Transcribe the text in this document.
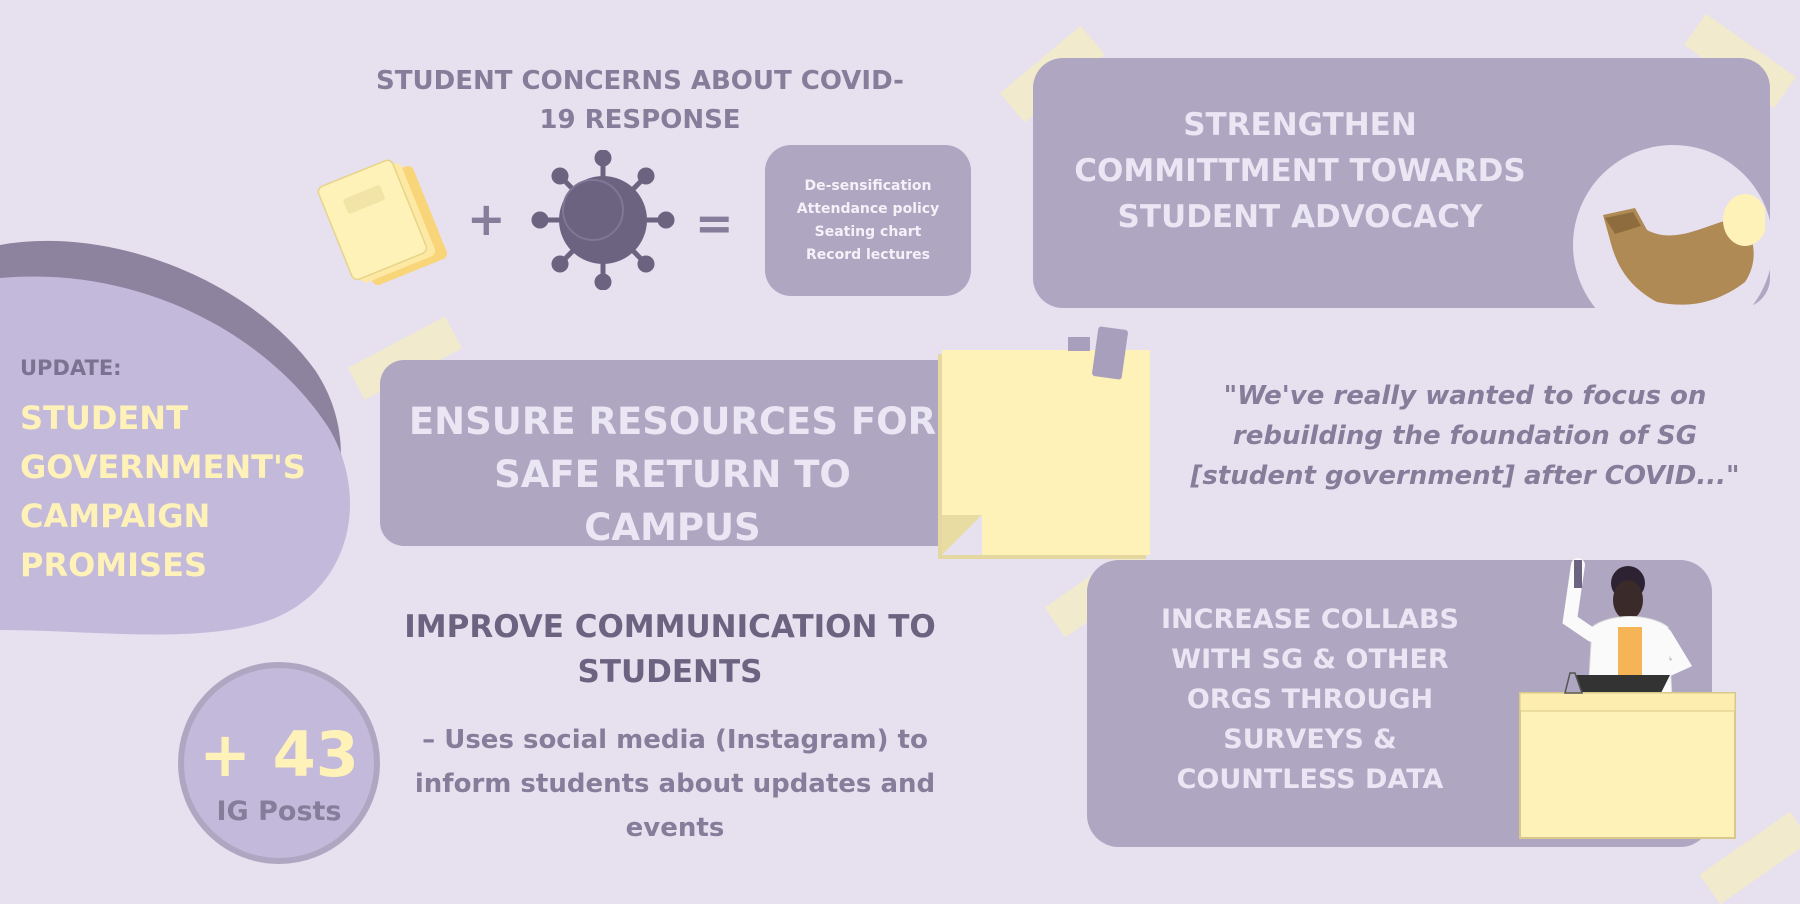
UPDATE:
STUDENT
GOVERNMENT'S
CAMPAIGN
PROMISES
STUDENT CONCERNS ABOUT COVID-19 RESPONSE
+	=
De-sensification
Attendance policy
Seating chart
Record lectures
STRENGTHEN COMMITTMENT TOWARDS STUDENT ADVOCACY
ENSURE RESOURCES FOR SAFE RETURN TO CAMPUS
"We've really wanted to focus on rebuilding the foundation of SG [student government] after COVID..."
IMPROVE COMMUNICATION TO STUDENTS
– Uses social media (Instagram) to inform students about updates and events
+ 43
IG Posts
INCREASE COLLABS WITH SG & OTHER ORGS THROUGH SURVEYS & COUNTLESS DATA
